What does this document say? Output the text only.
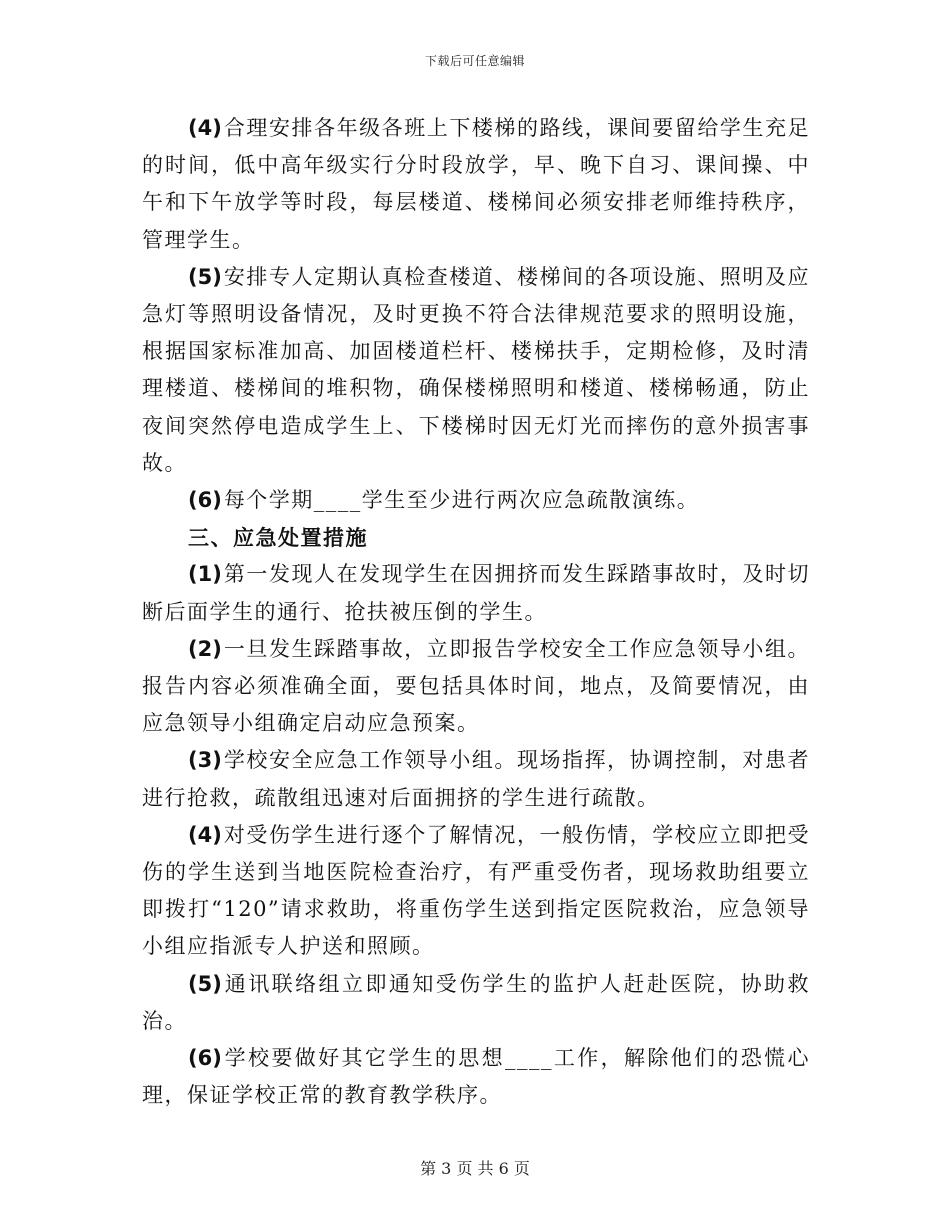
下载后可任意编辑

(4)合理安排各年级各班上下楼梯的路线，课间要留给学生充足的时间，低中高年级实行分时段放学，早、晚下自习、课间操、中午和下午放学等时段，每层楼道、楼梯间必须安排老师维持秩序，管理学生。

(5)安排专人定期认真检查楼道、楼梯间的各项设施、照明及应急灯等照明设备情况，及时更换不符合法律规范要求的照明设施，根据国家标准加高、加固楼道栏杆、楼梯扶手，定期检修，及时清理楼道、楼梯间的堆积物，确保楼梯照明和楼道、楼梯畅通，防止夜间突然停电造成学生上、下楼梯时因无灯光而摔伤的意外损害事故。

(6)每个学期____学生至少进行两次应急疏散演练。

三、应急处置措施

(1)第一发现人在发现学生在因拥挤而发生踩踏事故时，及时切断后面学生的通行、抢扶被压倒的学生。

(2)一旦发生踩踏事故，立即报告学校安全工作应急领导小组。报告内容必须准确全面，要包括具体时间，地点，及简要情况，由应急领导小组确定启动应急预案。

(3)学校安全应急工作领导小组。现场指挥，协调控制，对患者进行抢救，疏散组迅速对后面拥挤的学生进行疏散。

(4)对受伤学生进行逐个了解情况，一般伤情，学校应立即把受伤的学生送到当地医院检查治疗，有严重受伤者，现场救助组要立即拨打“120”请求救助，将重伤学生送到指定医院救治，应急领导小组应指派专人护送和照顾。

(5)通讯联络组立即通知受伤学生的监护人赶赴医院，协助救治。

(6)学校要做好其它学生的思想____工作，解除他们的恐慌心理，保证学校正常的教育教学秩序。

第 3 页 共 6 页
